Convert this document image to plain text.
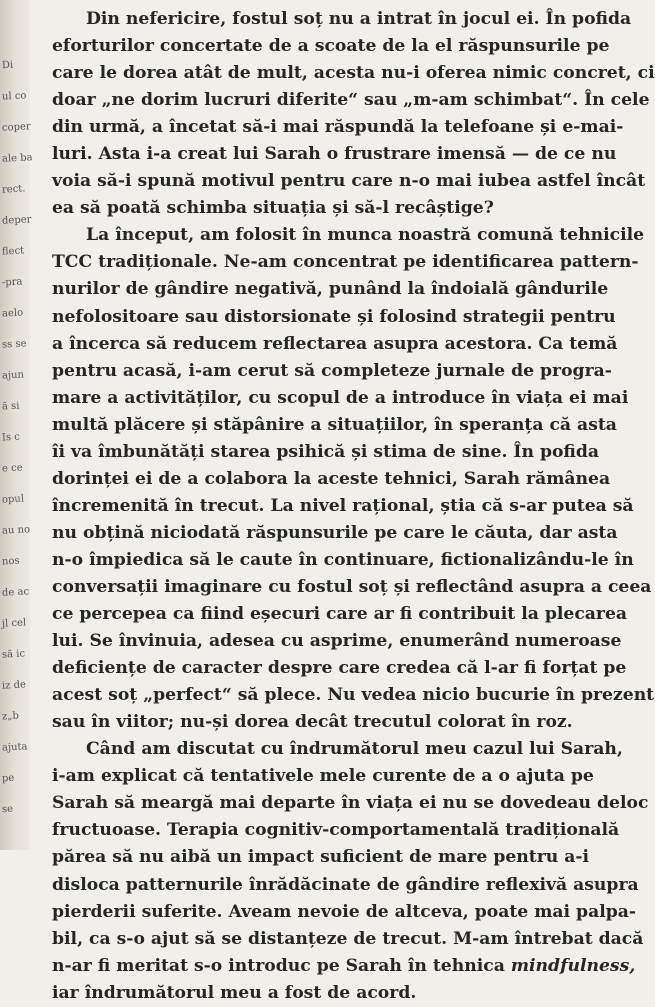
Di
ul co
coper
ale ba
rect.
deper
flect
-pra
aelo
ss se
ajun
ă si
Is c
e ce
opul
au no
nos
de ac
jl cel
să ic
iz de
z„b
ajuta
pe
se
Din nefericire, fostul soț nu a intrat în jocul ei. În pofida
eforturilor concertate de a scoate de la el răspunsurile pe
care le dorea atât de mult, acesta nu-i oferea nimic concret, ci
doar „ne dorim lucruri diferite“ sau „m-am schimbat“. În cele
din urmă, a încetat să-i mai răspundă la telefoane și e-mai-
luri. Asta i-a creat lui Sarah o frustrare imensă — de ce nu
voia să-i spună motivul pentru care n-o mai iubea astfel încât
ea să poată schimba situația și să-l recâștige?
La început, am folosit în munca noastră comună tehnicile
TCC tradiționale. Ne-am concentrat pe identificarea pattern-
nurilor de gândire negativă, punând la îndoială gândurile
nefolositoare sau distorsionate și folosind strategii pentru
a încerca să reducem reflectarea asupra acestora. Ca temă
pentru acasă, i-am cerut să completeze jurnale de progra-
mare a activităților, cu scopul de a introduce în viața ei mai
multă plăcere și stăpânire a situațiilor, în speranța că asta
îi va îmbunătăți starea psihică și stima de sine. În pofida
dorinței ei de a colabora la aceste tehnici, Sarah rămânea
încremenită în trecut. La nivel rațional, știa că s-ar putea să
nu obțină niciodată răspunsurile pe care le căuta, dar asta
n-o împiedica să le caute în continuare, fictionalizându-le în
conversații imaginare cu fostul soț și reflectând asupra a ceea
ce percepea ca fiind eșecuri care ar fi contribuit la plecarea
lui. Se învinuia, adesea cu asprime, enumerând numeroase
deficiențe de caracter despre care credea că l-ar fi forțat pe
acest soț „perfect“ să plece. Nu vedea nicio bucurie în prezent
sau în viitor; nu-și dorea decât trecutul colorat în roz.
Când am discutat cu îndrumătorul meu cazul lui Sarah,
i-am explicat că tentativele mele curente de a o ajuta pe
Sarah să meargă mai departe în viața ei nu se dovedeau deloc
fructuoase. Terapia cognitiv-comportamentală tradițională
părea să nu aibă un impact suficient de mare pentru a-i
disloca patternurile înrădăcinate de gândire reflexivă asupra
pierderii suferite. Aveam nevoie de altceva, poate mai palpa-
bil, ca s-o ajut să se distanțeze de trecut. M-am întrebat dacă
n-ar fi meritat s-o introduc pe Sarah în tehnica mindfulness,
iar îndrumătorul meu a fost de acord.
